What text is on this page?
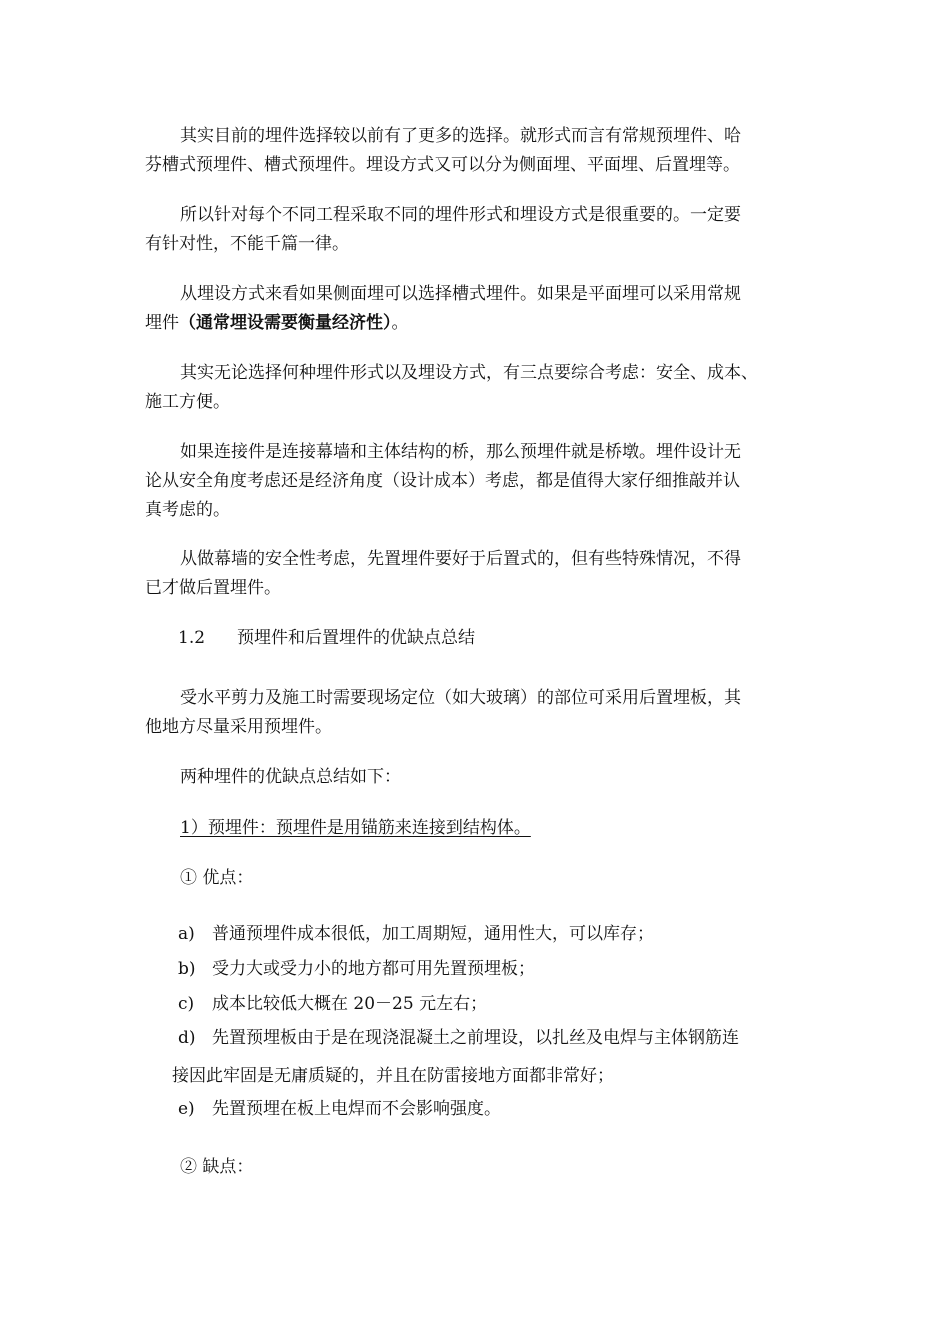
其实目前的埋件选择较以前有了更多的选择。就形式而言有常规预埋件、哈
芬槽式预埋件、槽式预埋件。埋设方式又可以分为侧面埋、平面埋、后置埋等。
所以针对每个不同工程采取不同的埋件形式和埋设方式是很重要的。一定要
有针对性，不能千篇一律。
从埋设方式来看如果侧面埋可以选择槽式埋件。如果是平面埋可以采用常规
埋件（通常埋设需要衡量经济性）。
其实无论选择何种埋件形式以及埋设方式，有三点要综合考虑：安全、成本、
施工方便。
如果连接件是连接幕墙和主体结构的桥，那么预埋件就是桥墩。埋件设计无
论从安全角度考虑还是经济角度（设计成本）考虑，都是值得大家仔细推敲并认
真考虑的。
从做幕墙的安全性考虑，先置埋件要好于后置式的，但有些特殊情况，不得
已才做后置埋件。
1.2 预埋件和后置埋件的优缺点总结
受水平剪力及施工时需要现场定位（如大玻璃）的部位可采用后置埋板，其
他地方尽量采用预埋件。
两种埋件的优缺点总结如下：
1）预埋件：预埋件是用锚筋来连接到结构体。
① 优点：
a) 普通预埋件成本很低，加工周期短，通用性大，可以库存；
b) 受力大或受力小的地方都可用先置预埋板；
c) 成本比较低大概在 20－25 元左右；
d) 先置预埋板由于是在现浇混凝土之前埋设，以扎丝及电焊与主体钢筋连
接因此牢固是无庸质疑的，并且在防雷接地方面都非常好；
e) 先置预埋在板上电焊而不会影响强度。
② 缺点：
